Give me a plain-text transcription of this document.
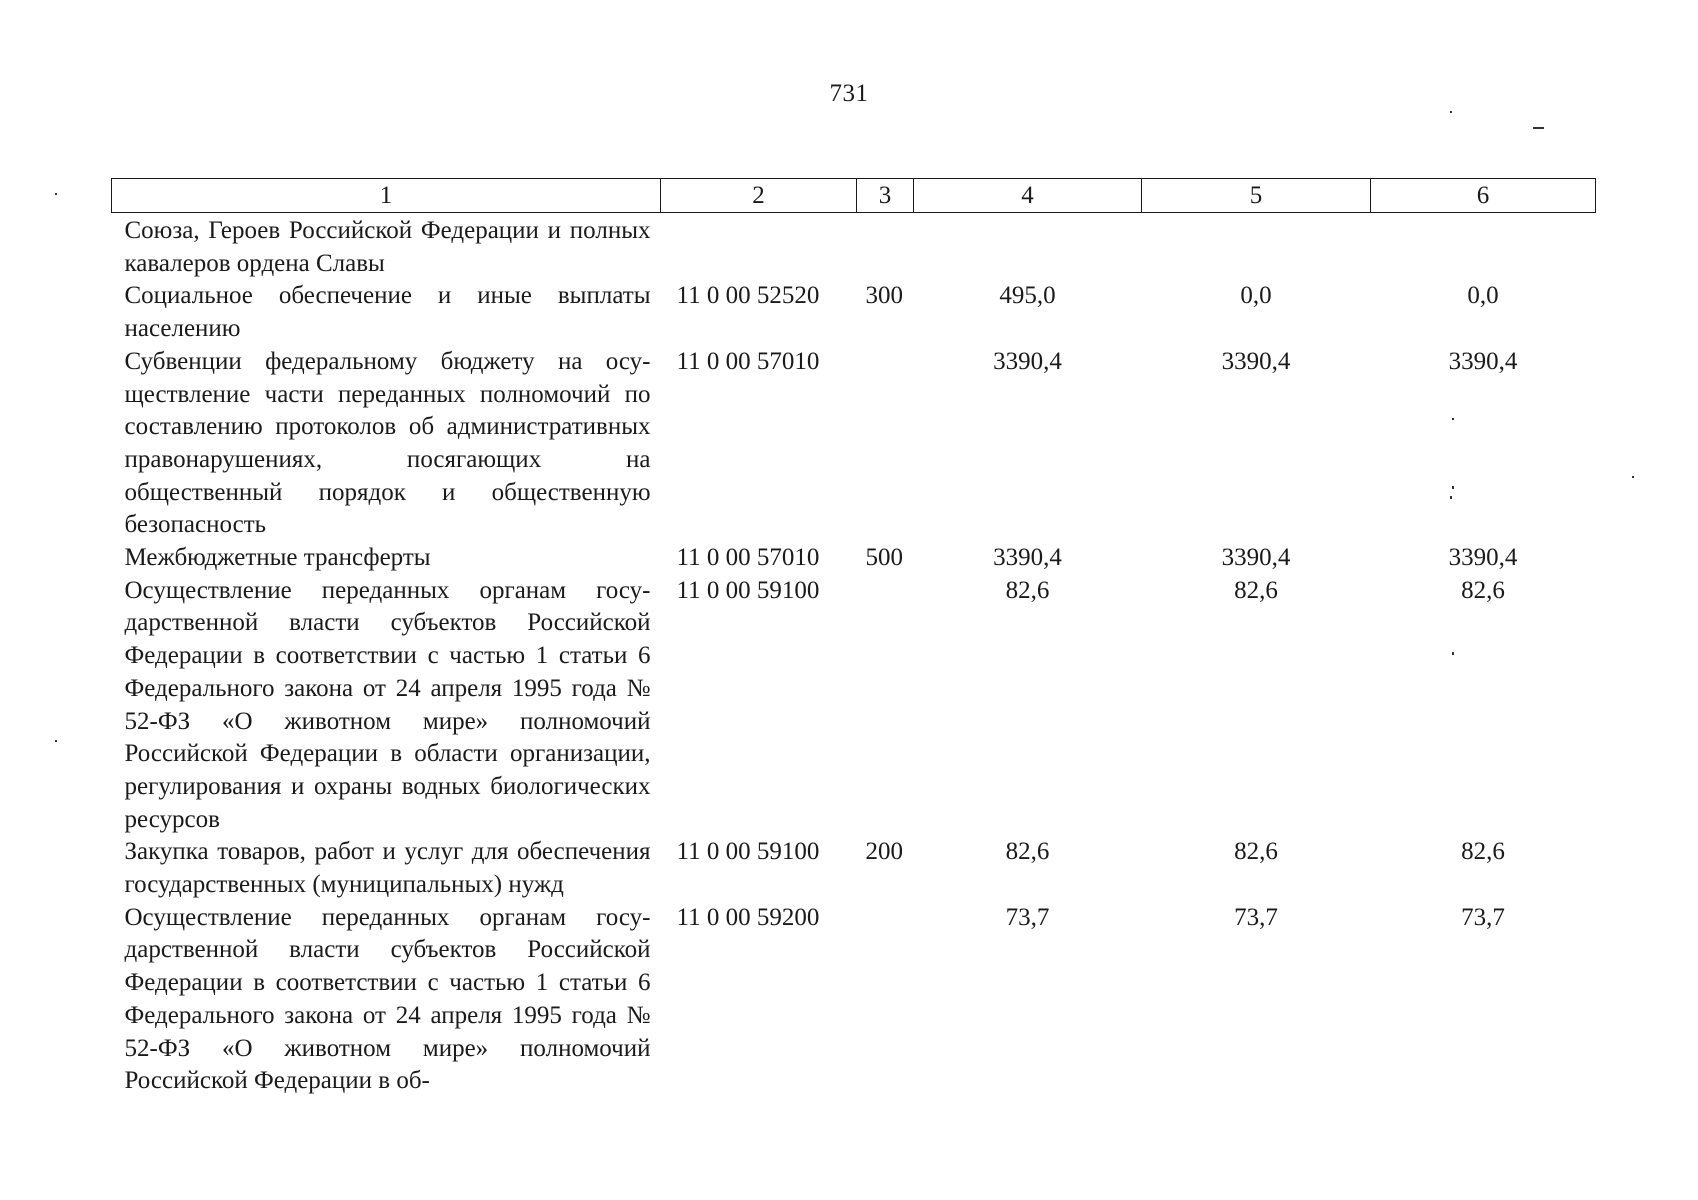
731
1	2	3	4	5	6
Союза, Героев Российской Федерации и полных кавалеров ордена Славы					
Социальное обеспечение и иные выплаты населению	11 0 00 52520	300	495,0	0,0	0,0
Субвенции федеральному бюджету на осуществление части переданных полномочий по составлению протоколов об административных правонарушениях, посягающих на общественный порядок и общественную безопасность	11 0 00 57010		3390,4	3390,4	3390,4
Межбюджетные трансферты	11 0 00 57010	500	3390,4	3390,4	3390,4
Осуществление переданных органам государственной власти субъектов Российской Федерации в соответствии с частью 1 статьи 6 Федерального закона от 24 апреля 1995 года № 52-ФЗ «О животном мире» полномочий Российской Федерации в области организации, регулирования и охраны водных биологических ресурсов	11 0 00 59100		82,6	82,6	82,6
Закупка товаров, работ и услуг для обеспечения государственных (муниципальных) нужд	11 0 00 59100	200	82,6	82,6	82,6
Осуществление переданных органам государственной власти субъектов Российской Федерации в соответствии с частью 1 статьи 6 Федерального закона от 24 апреля 1995 года № 52-ФЗ «О животном мире» полномочий Российской Федерации в об-	11 0 00 59200		73,7	73,7	73,7
